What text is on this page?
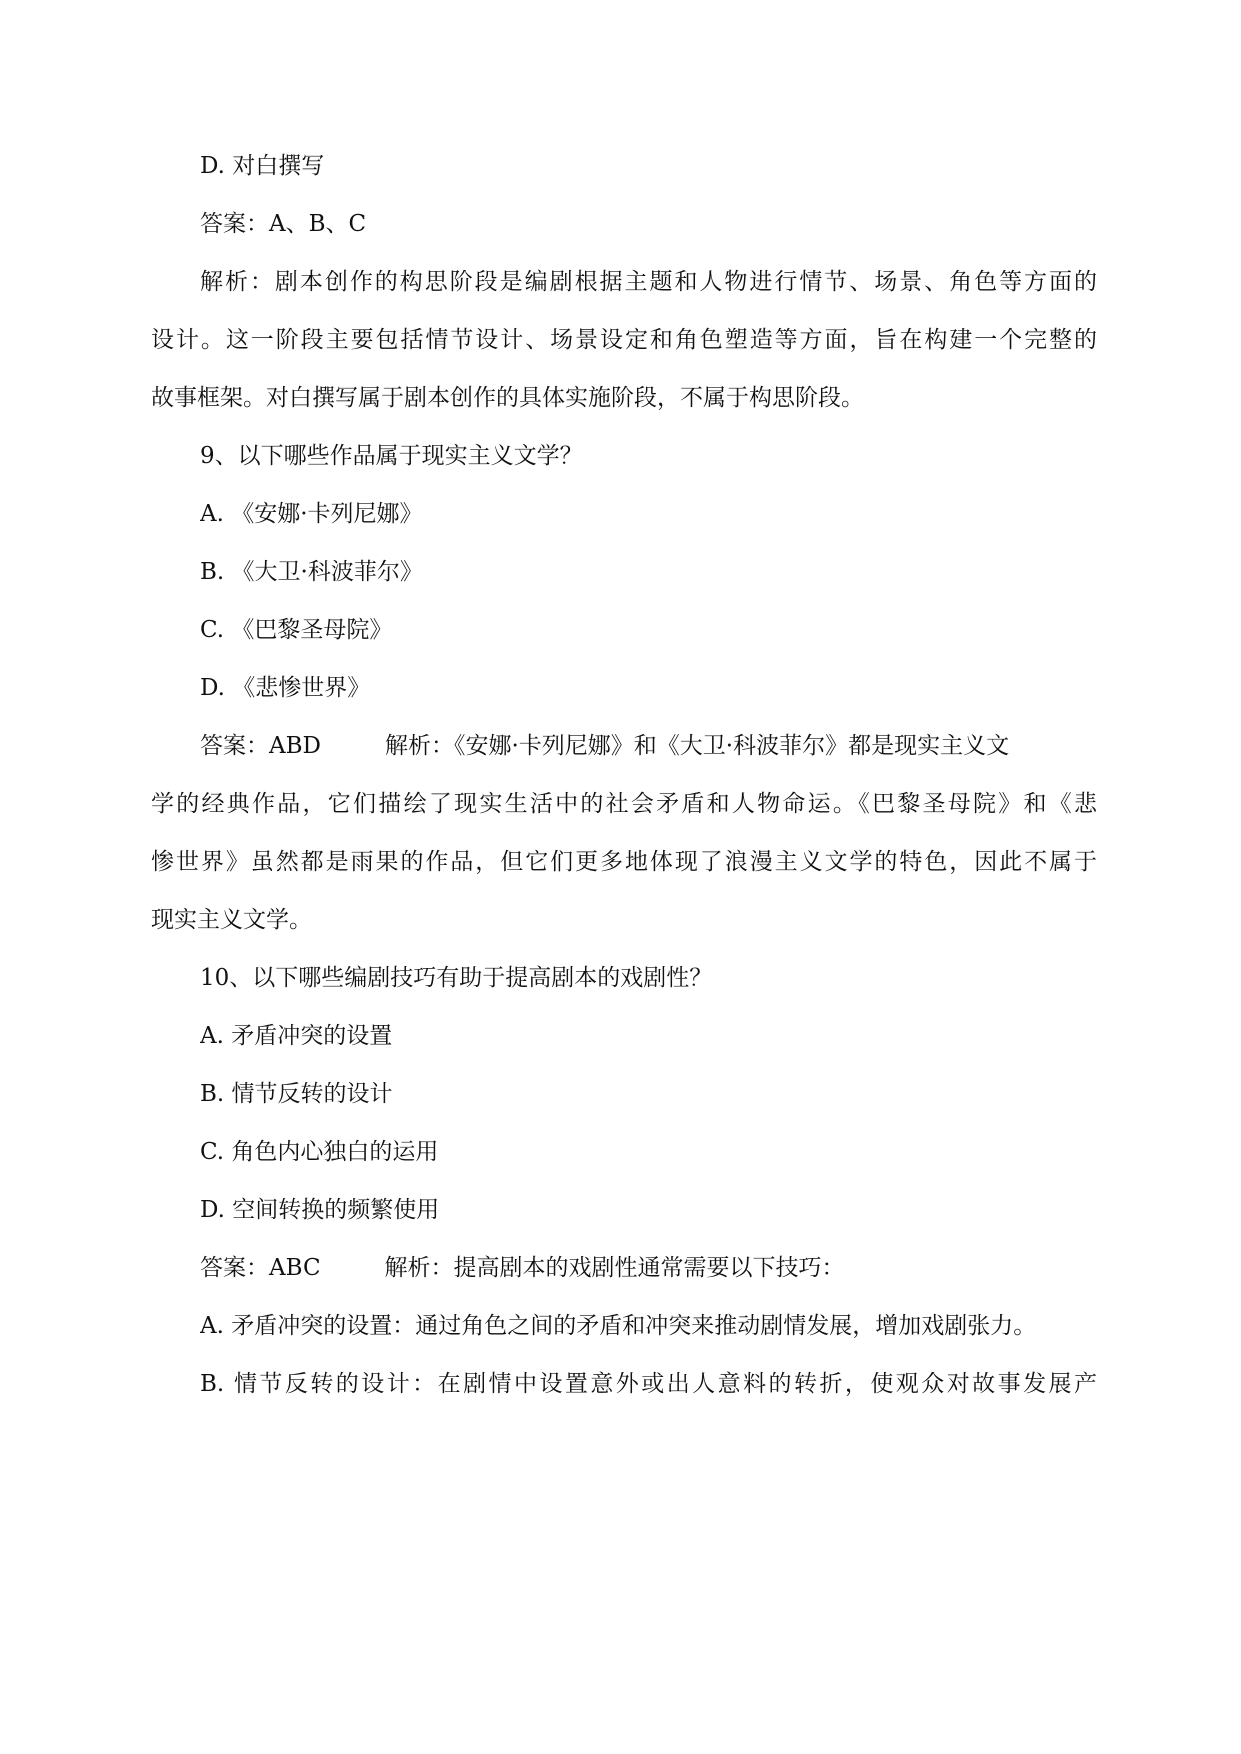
D. 对白撰写
答案：A、B、C
解析：剧本创作的构思阶段是编剧根据主题和人物进行情节、场景、角色等方面的
设计。这一阶段主要包括情节设计、场景设定和角色塑造等方面，旨在构建一个完整的
故事框架。对白撰写属于剧本创作的具体实施阶段，不属于构思阶段。
9、以下哪些作品属于现实主义文学？
A. 《安娜·卡列尼娜》
B. 《大卫·科波菲尔》
C. 《巴黎圣母院》
D. 《悲惨世界》
答案：ABD	解析：《安娜·卡列尼娜》和《大卫·科波菲尔》都是现实主义文
学的经典作品，它们描绘了现实生活中的社会矛盾和人物命运。《巴黎圣母院》和《悲
惨世界》虽然都是雨果的作品，但它们更多地体现了浪漫主义文学的特色，因此不属于
现实主义文学。
10、以下哪些编剧技巧有助于提高剧本的戏剧性？
A. 矛盾冲突的设置
B. 情节反转的设计
C. 角色内心独白的运用
D. 空间转换的频繁使用
答案：ABC	解析：提高剧本的戏剧性通常需要以下技巧：
A. 矛盾冲突的设置：通过角色之间的矛盾和冲突来推动剧情发展，增加戏剧张力。
B. 情节反转的设计：在剧情中设置意外或出人意料的转折，使观众对故事发展产
